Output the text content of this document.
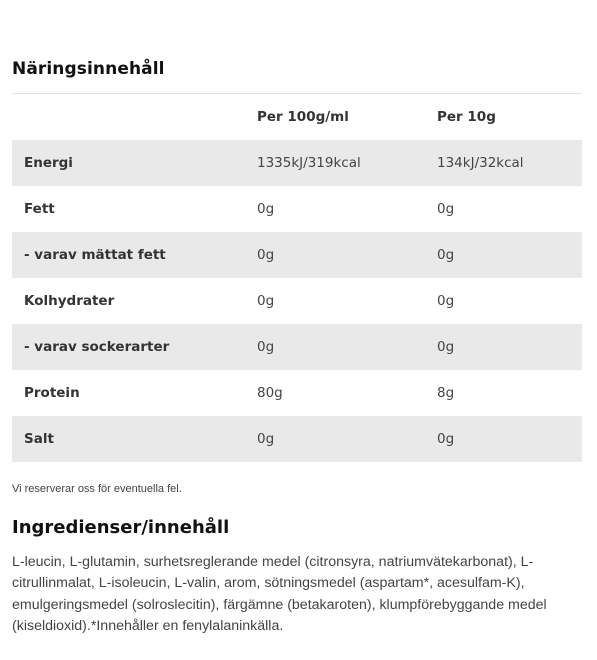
Näringsinnehåll
	Per 100g/ml	Per 10g
Energi	1335kJ/319kcal	134kJ/32kcal
Fett	0g	0g
- varav mättat fett	0g	0g
Kolhydrater	0g	0g
- varav sockerarter	0g	0g
Protein	80g	8g
Salt	0g	0g

Vi reserverar oss för eventuella fel.

Ingredienser/innehåll

L-leucin, L-glutamin, surhetsreglerande medel (citronsyra, natriumvätekarbonat), L-citrullinmalat, L-isoleucin, L-valin, arom, sötningsmedel (aspartam*, acesulfam-K), emulgeringsmedel (solroslecitin), färgämne (betakaroten), klumpförebyggande medel (kiseldioxid).*Innehåller en fenylalaninkälla.
